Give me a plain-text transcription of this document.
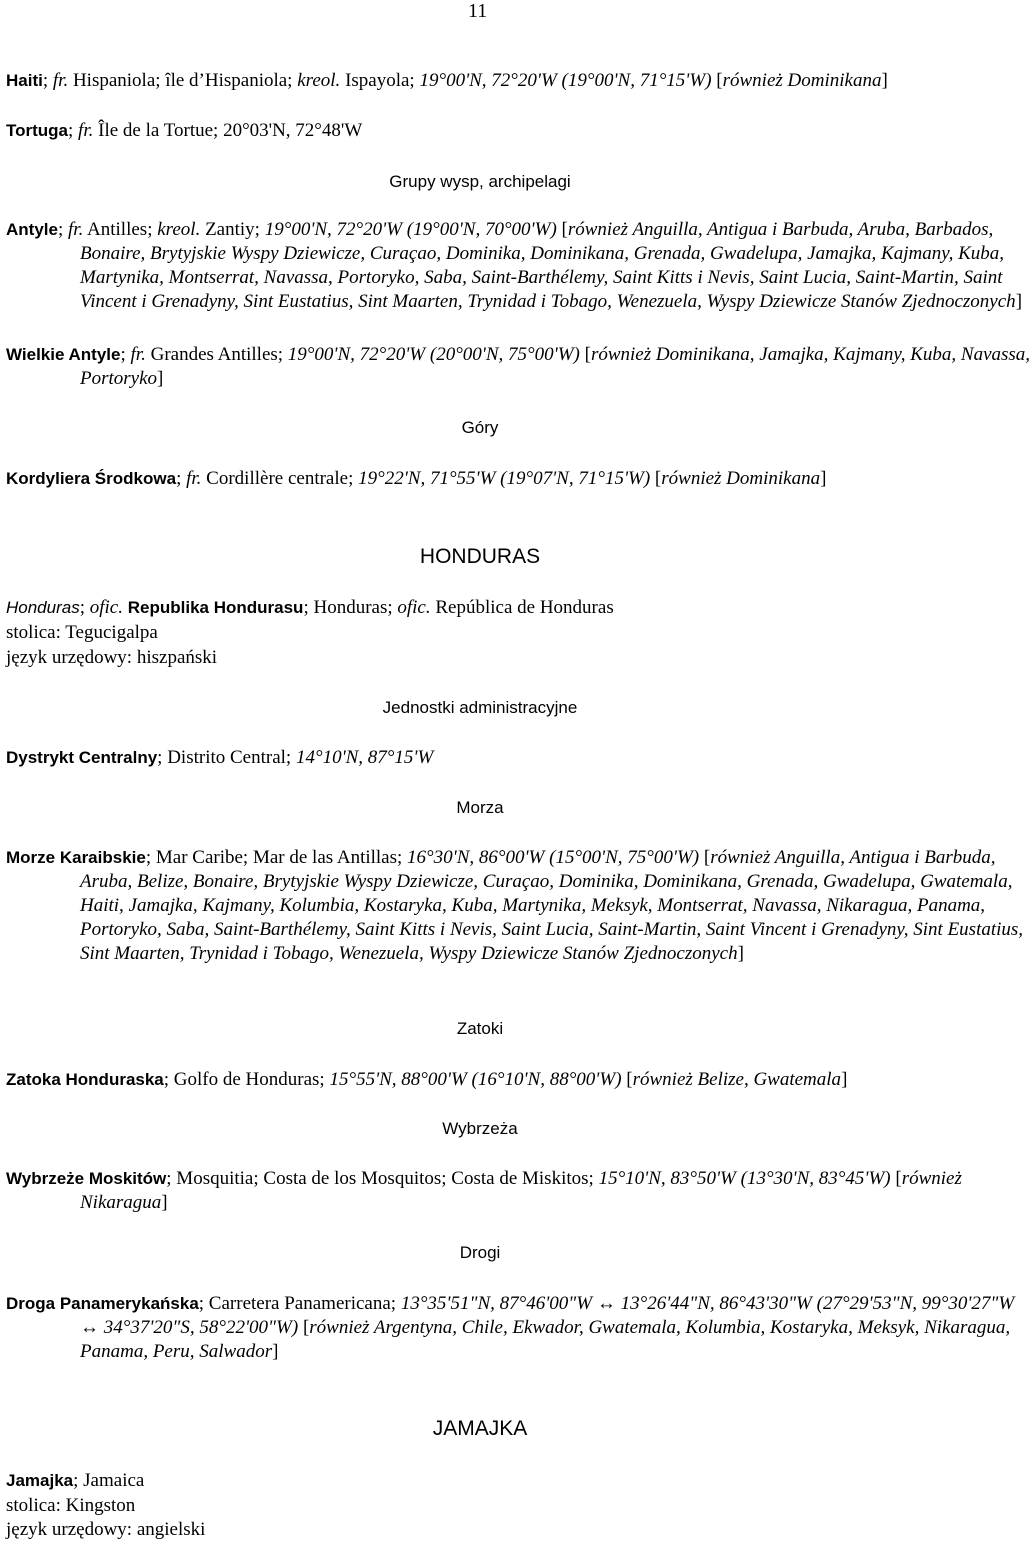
11
Haiti; fr. Hispaniola; île d’Hispaniola; kreol. Ispayola; 19°00'N, 72°20'W (19°00'N, 71°15'W) [również Dominikana]
Tortuga; fr. Île de la Tortue; 20°03'N, 72°48'W
Grupy wysp, archipelagi
Antyle; fr. Antilles; kreol. Zantiy; 19°00'N, 72°20'W (19°00'N, 70°00'W) [również Anguilla, Antigua i Barbuda, Aruba, Barbados, Bonaire, Brytyjskie Wyspy Dziewicze, Curaçao, Dominika, Dominikana, Grenada, Gwadelupa, Jamajka, Kajmany, Kuba, Martynika, Montserrat, Navassa, Portoryko, Saba, Saint-Barthélemy, Saint Kitts i Nevis, Saint Lucia, Saint-Martin, Saint Vincent i Grenadyny, Sint Eustatius, Sint Maarten, Trynidad i Tobago, Wenezuela, Wyspy Dziewicze Stanów Zjednoczonych]
Wielkie Antyle; fr. Grandes Antilles; 19°00'N, 72°20'W (20°00'N, 75°00'W) [również Dominikana, Jamajka, Kajmany, Kuba, Navassa, Portoryko]
Góry
Kordyliera Środkowa; fr. Cordillère centrale; 19°22'N, 71°55'W (19°07'N, 71°15'W) [również Dominikana]
HONDURAS
Honduras; ofic. Republika Hondurasu; Honduras; ofic. República de Honduras
stolica: Tegucigalpa
język urzędowy: hiszpański
Jednostki administracyjne
Dystrykt Centralny; Distrito Central; 14°10'N, 87°15'W
Morza
Morze Karaibskie; Mar Caribe; Mar de las Antillas; 16°30'N, 86°00'W (15°00'N, 75°00'W) [również Anguilla, Antigua i Barbuda, Aruba, Belize, Bonaire, Brytyjskie Wyspy Dziewicze, Curaçao, Dominika, Dominikana, Grenada, Gwadelupa, Gwatemala, Haiti, Jamajka, Kajmany, Kolumbia, Kostaryka, Kuba, Martynika, Meksyk, Montserrat, Navassa, Nikaragua, Panama, Portoryko, Saba, Saint-Barthélemy, Saint Kitts i Nevis, Saint Lucia, Saint-Martin, Saint Vincent i Grenadyny, Sint Eustatius, Sint Maarten, Trynidad i Tobago, Wenezuela, Wyspy Dziewicze Stanów Zjednoczonych]
Zatoki
Zatoka Honduraska; Golfo de Honduras; 15°55'N, 88°00'W (16°10'N, 88°00'W) [również Belize, Gwatemala]
Wybrzeża
Wybrzeże Moskitów; Mosquitia; Costa de los Mosquitos; Costa de Miskitos; 15°10'N, 83°50'W (13°30'N, 83°45'W) [również Nikaragua]
Drogi
Droga Panamerykańska; Carretera Panamericana; 13°35'51"N, 87°46'00"W ↔ 13°26'44"N, 86°43'30"W (27°29'53"N, 99°30'27"W ↔ 34°37'20"S, 58°22'00"W) [również Argentyna, Chile, Ekwador, Gwatemala, Kolumbia, Kostaryka, Meksyk, Nikaragua, Panama, Peru, Salwador]
JAMAJKA
Jamajka; Jamaica
stolica: Kingston
język urzędowy: angielski
